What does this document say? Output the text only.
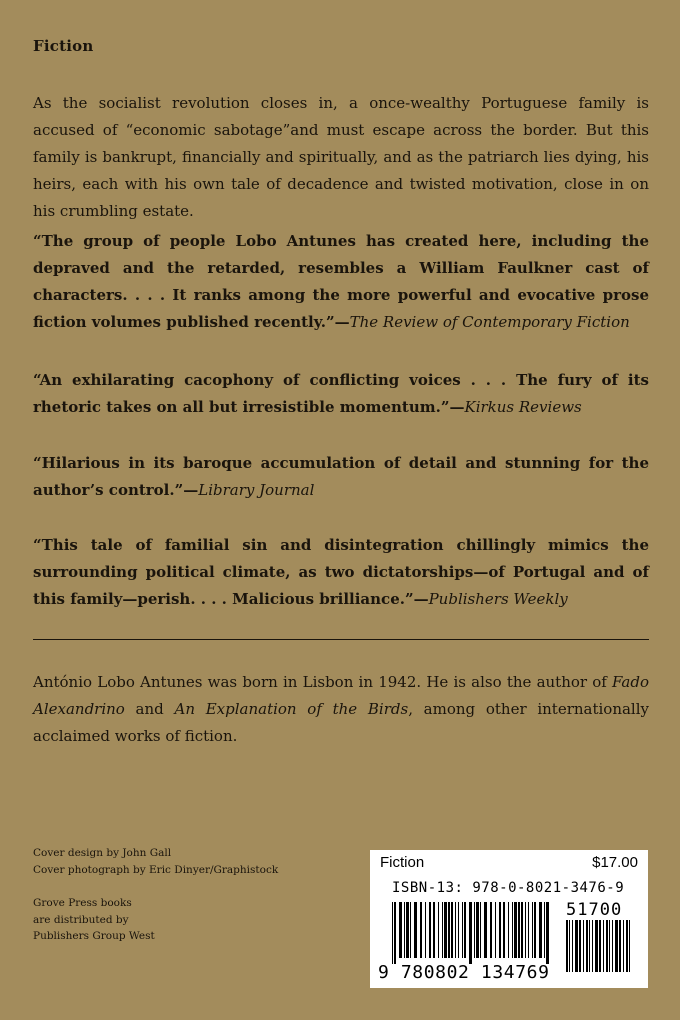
Fiction

As the socialist revolution closes in, a once-wealthy Portuguese family is accused of “economic sabotage”and must escape across the border. But this family is bankrupt, financially and spiritually, and as the patriarch lies dying, his heirs, each with his own tale of decadence and twisted motivation, close in on his crumbling estate.

“The group of people Lobo Antunes has created here, including the depraved and the retarded, resembles a William Faulkner cast of characters. . . . It ranks among the more powerful and evocative prose fiction volumes published recently.”—The Review of Contemporary Fiction

“An exhilarating cacophony of conflicting voices . . . The fury of its rhetoric takes on all but irresistible momentum.”—Kirkus Reviews

“Hilarious in its baroque accumulation of detail and stunning for the author’s control.”—Library Journal

“This tale of familial sin and disintegration chillingly mimics the surrounding political climate, as two dictatorships—of Portugal and of this family—perish. . . . Malicious brilliance.”—Publishers Weekly

António Lobo Antunes was born in Lisbon in 1942. He is also the author of Fado Alexandrino and An Explanation of the Birds, among other internationally acclaimed works of fiction.

Cover design by John Gall
Cover photograph by Eric Dinyer/Graphistock
Grove Press books
are distributed by
Publishers Group West
Fiction	$17.00
ISBN-13: 978-0-8021-3476-9
51700
9 780802 134769
